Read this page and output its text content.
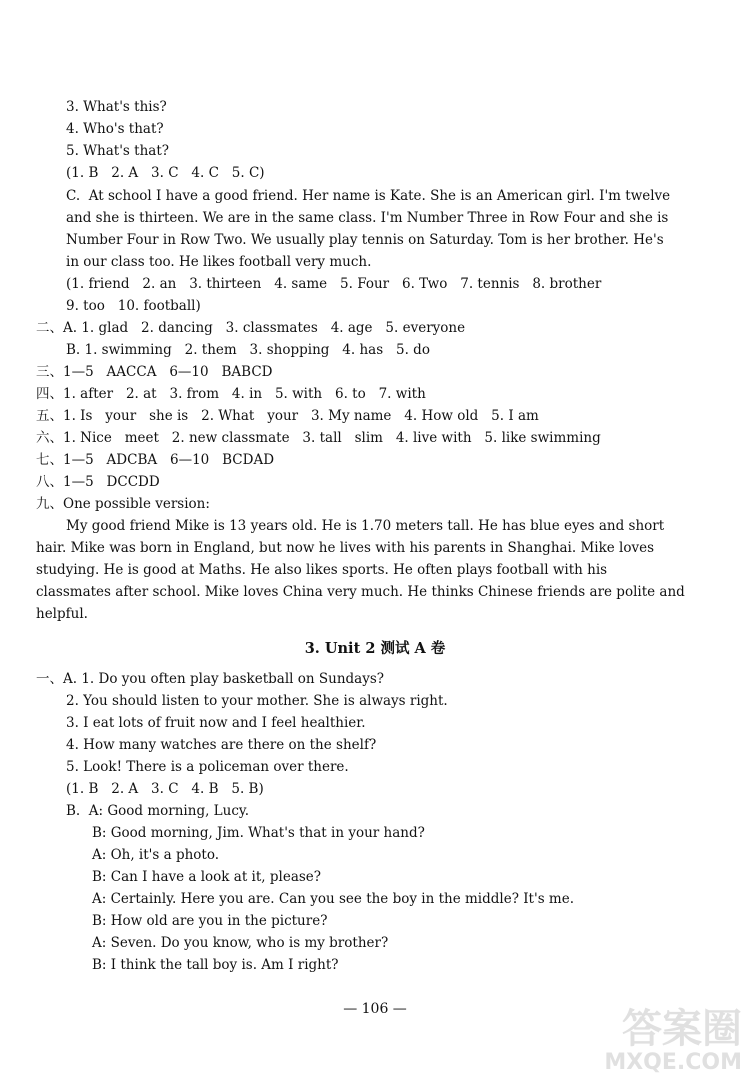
3. What's this?
4. Who's that?
5. What's that?
(1. B   2. A   3. C   4. C   5. C)
C.  At school I have a good friend. Her name is Kate. She is an American girl. I'm twelve
and she is thirteen. We are in the same class. I'm Number Three in Row Four and she is
Number Four in Row Two. We usually play tennis on Saturday. Tom is her brother. He's
in our class too. He likes football very much.
(1. friend   2. an   3. thirteen   4. same   5. Four   6. Two   7. tennis   8. brother
9. too   10. football)
二、A. 1. glad   2. dancing   3. classmates   4. age   5. everyone
B. 1. swimming   2. them   3. shopping   4. has   5. do
三、1—5   AACCA   6—10   BABCD
四、1. after   2. at   3. from   4. in   5. with   6. to   7. with
五、1. Is   your   she is   2. What   your   3. My name   4. How old   5. I am
六、1. Nice   meet   2. new classmate   3. tall   slim   4. live with   5. like swimming
七、1—5   ADCBA   6—10   BCDAD
八、1—5   DCCDD
九、One possible version:
My good friend Mike is 13 years old. He is 1.70 meters tall. He has blue eyes and short
hair. Mike was born in England, but now he lives with his parents in Shanghai. Mike loves
studying. He is good at Maths. He also likes sports. He often plays football with his
classmates after school. Mike loves China very much. He thinks Chinese friends are polite and
helpful.
3. Unit 2 测试 A 卷
一、A. 1. Do you often play basketball on Sundays?
2. You should listen to your mother. She is always right.
3. I eat lots of fruit now and I feel healthier.
4. How many watches are there on the shelf?
5. Look! There is a policeman over there.
(1. B   2. A   3. C   4. B   5. B)
B.  A: Good morning, Lucy.
B: Good morning, Jim. What's that in your hand?
A: Oh, it's a photo.
B: Can I have a look at it, please?
A: Certainly. Here you are. Can you see the boy in the middle? It's me.
B: How old are you in the picture?
A: Seven. Do you know, who is my brother?
B: I think the tall boy is. Am I right?
— 106 —	答案圈
MXQE.COM
